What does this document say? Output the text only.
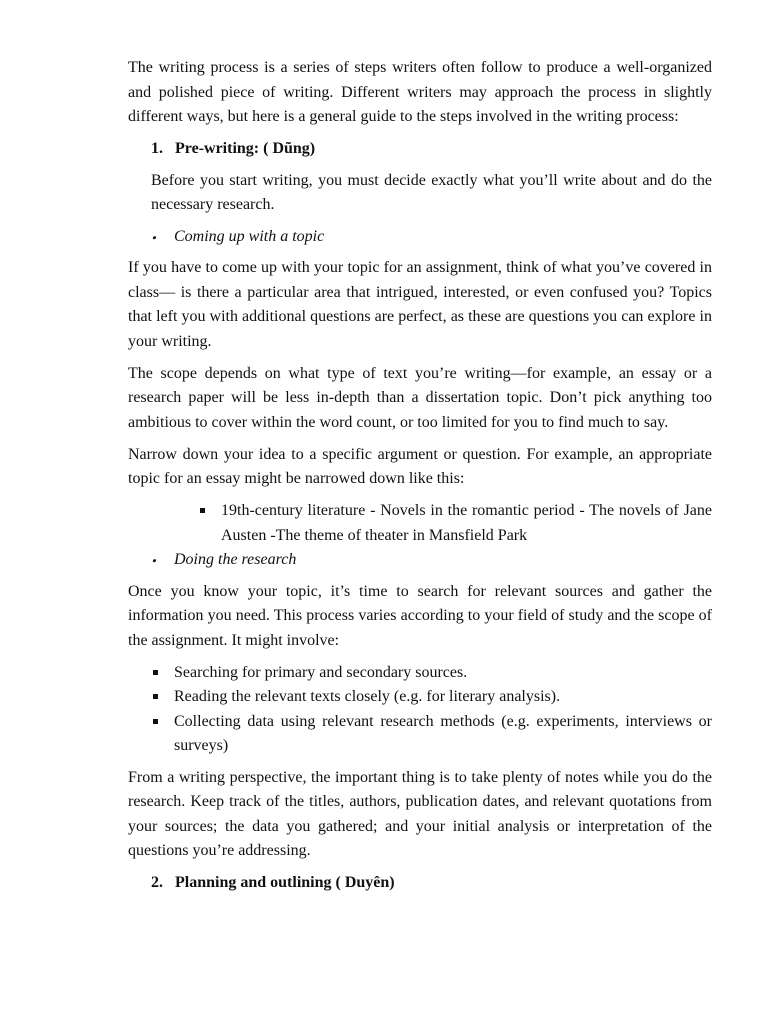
The writing process is a series of steps writers often follow to produce a well-organized and polished piece of writing. Different writers may approach the process in slightly different ways, but here is a general guide to the steps involved in the writing process:

1. Pre-writing: ( Dũng)

Before you start writing, you must decide exactly what you’ll write about and do the necessary research.

•
Coming up with a topic

If you have to come up with your topic for an assignment, think of what you’ve covered in class— is there a particular area that intrigued, interested, or even confused you? Topics that left you with additional questions are perfect, as these are questions you can explore in your writing.

The scope depends on what type of text you’re writing—for example, an essay or a research paper will be less in-depth than a dissertation topic. Don’t pick anything too ambitious to cover within the word count, or too limited for you to find much to say.

Narrow down your idea to a specific argument or question. For example, an appropriate topic for an essay might be narrowed down like this:

19th-century literature - Novels in the romantic period - The novels of Jane Austen -The theme of theater in Mansfield Park
•
Doing the research

Once you know your topic, it’s time to search for relevant sources and gather the information you need. This process varies according to your field of study and the scope of the assignment. It might involve:

Searching for primary and secondary sources.
Reading the relevant texts closely (e.g. for literary analysis).
Collecting data using relevant research methods (e.g. experiments, interviews or surveys)

From a writing perspective, the important thing is to take plenty of notes while you do the research. Keep track of the titles, authors, publication dates, and relevant quotations from your sources; the data you gathered; and your initial analysis or interpretation of the questions you’re addressing.

2. Planning and outlining ( Duyên)
